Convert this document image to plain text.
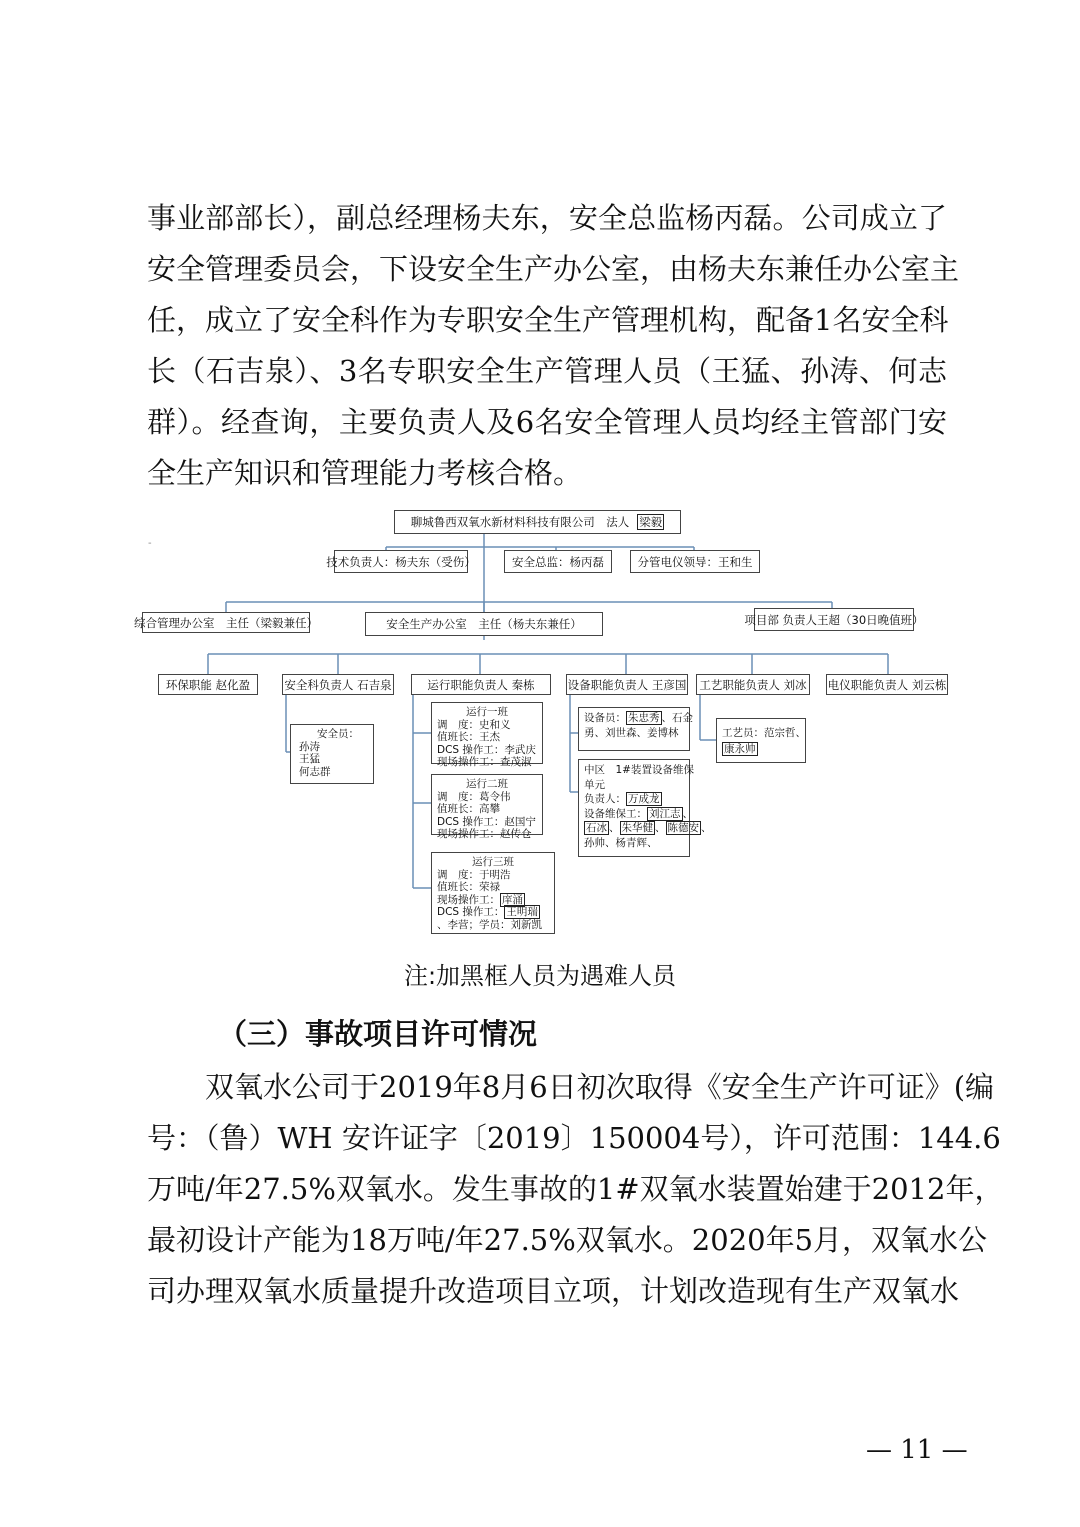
事业部部长），副总经理杨夫东，安全总监杨丙磊。公司成立了
安全管理委员会，下设安全生产办公室，由杨夫东兼任办公室主
任，成立了安全科作为专职安全生产管理机构，配备1名安全科
长（石吉泉）、3名专职安全生产管理人员（王猛、孙涛、何志
群）。经查询，主要负责人及6名安全管理人员均经主管部门安
全生产知识和管理能力考核合格。
-
聊城鲁西双氧水新材料科技有限公司　法人 梁毅
技术负责人：杨夫东（受伤）	安全总监：杨丙磊	分管电仪领导：王和生
综合管理办公室　主任（梁毅兼任）	安全生产办公室　主任（杨夫东兼任）	项目部 负责人王超（30日晚值班）
环保职能 赵化盈	安全科负责人 石吉泉	运行职能负责人 秦栋	设备职能负责人 王彦国 工艺职能负责人 刘冰 电仪职能负责人 刘云栋
安全员：
孙涛
王猛
何志群
运行一班
调　度：史和义
值班长：王杰
DCS 操作工：李武庆
现场操作工：查茂淑
运行二班
调　度：葛令伟
值班长：高攀
DCS 操作工：赵国宁
现场操作工：赵传仓
运行三班
调　度：于明浩
值班长：荣禄
现场操作工： 庠涌
DCS 操作工： 王明瑞
、李营；学员：刘新凯
设备员： 朱忠秀 、石金
勇、刘世森、姜博林
中区　1#装置设备维保
单元
负责人： 万成龙
设备维保工： 刘江志 、
石冰 、 朱华健 、 陈德安 、
孙帅、杨青辉、
工艺员：范宗哲、
康永帅
注:加黑框人员为遇难人员
（三）事故项目许可情况
双氧水公司于2019年8月6日初次取得《安全生产许可证》(编
号：（鲁）WH 安许证字〔2019〕150004号），许可范围：144.6
万吨/年27.5%双氧水。发生事故的1#双氧水装置始建于2012年，
最初设计产能为18万吨/年27.5%双氧水。2020年5月，双氧水公
司办理双氧水质量提升改造项目立项，计划改造现有生产双氧水
— 11 —
